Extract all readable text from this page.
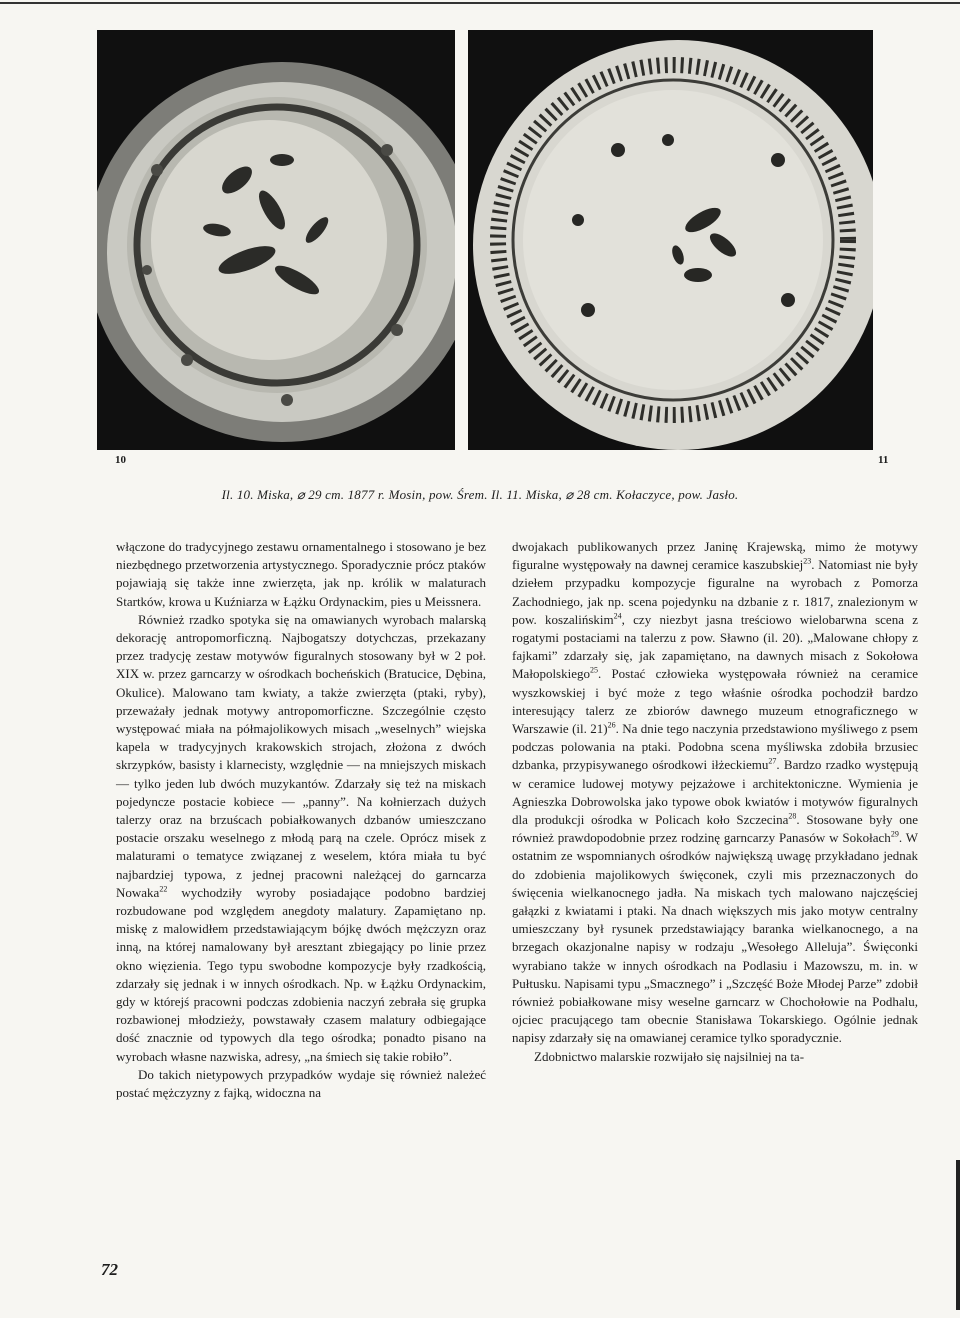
10	11
Il. 10. Miska, ⌀ 29 cm. 1877 r. Mosin, pow. Śrem. Il. 11. Miska, ⌀ 28 cm. Kołaczyce, pow. Jasło.

włączone do tradycyjnego zestawu ornamentalnego i stosowano je bez niezbędnego przetworzenia artystycznego. Sporadycznie prócz ptaków pojawiają się także inne zwierzęta, jak np. królik w malaturach Startków, krowa u Kuźniarza w Łążku Ordynackim, pies u Meissnera.

Również rzadko spotyka się na omawianych wyrobach malarską dekorację antropomorficzną. Najbogatszy dotychczas, przekazany przez tradycję zestaw motywów figuralnych stosowany był w 2 poł. XIX w. przez garncarzy w ośrodkach bocheńskich (Bratucice, Dębina, Okulice). Malowano tam kwiaty, a także zwierzęta (ptaki, ryby), przeważały jednak motywy antropomorficzne. Szczególnie często występować miała na półmajolikowych misach „weselnych” wiejska kapela w tradycyjnych krakowskich strojach, złożona z dwóch skrzypków, basisty i klarnecisty, względnie — na mniejszych miskach — tylko jeden lub dwóch muzykantów. Zdarzały się też na miskach pojedyncze postacie kobiece — „panny”. Na kołnierzach dużych talerzy oraz na brzuścach pobiałkowanych dzbanów umieszczano postacie orszaku weselnego z młodą parą na czele. Oprócz misek z malaturami o tematyce związanej z weselem, która miała tu być najbardziej typowa, z jednej pracowni należącej do garncarza Nowaka$^{22}$ wychodziły wyroby posiadające podobno bardziej rozbudowane pod względem anegdoty malatury. Zapamiętano np. miskę z malowidłem przedstawiającym bójkę dwóch mężczyzn oraz inną, na której namalowany był aresztant zbiegający po linie przez okno więzienia. Tego typu swobodne kompozycje były rzadkością, zdarzały się jednak i w innych ośrodkach. Np. w Łążku Ordynackim, gdy w którejś pracowni podczas zdobienia naczyń zebrała się grupka rozbawionej młodzieży, powstawały czasem malatury odbiegające dość znacznie od typowych dla tego ośrodka; ponadto pisano na wyrobach własne nazwiska, adresy, „na śmiech się takie robiło”.

Do takich nietypowych przypadków wydaje się również należeć postać mężczyzny z fajką, widoczna na

dwojakach publikowanych przez Janinę Krajewską, mimo że motywy figuralne występowały na dawnej ceramice kaszubskiej$^{23}$. Natomiast nie były dziełem przypadku kompozycje figuralne na wyrobach z Pomorza Zachodniego, jak np. scena pojedynku na dzbanie z r. 1817, znalezionym w pow. koszalińskim$^{24}$, czy niezbyt jasna treściowo wielobarwna scena z rogatymi postaciami na talerzu z pow. Sławno (il. 20). „Malowane chłopy z fajkami” zdarzały się, jak zapamiętano, na dawnych misach z Sokołowa Małopolskiego$^{25}$. Postać człowieka występowała również na ceramice wyszkowskiej i być może z tego właśnie ośrodka pochodził bardzo interesujący talerz ze zbiorów dawnego muzeum etnograficznego w Warszawie (il. 21)$^{26}$. Na dnie tego naczynia przedstawiono myśliwego z psem podczas polowania na ptaki. Podobna scena myśliwska zdobiła brzusiec dzbanka, przypisywanego ośrodkowi iłżeckiemu$^{27}$. Bardzo rzadko występują w ceramice ludowej motywy pejzażowe i architektoniczne. Wymienia je Agnieszka Dobrowolska jako typowe obok kwiatów i motywów figuralnych dla produkcji ośrodka w Policach koło Szczecina$^{28}$. Stosowane były one również prawdopodobnie przez rodzinę garncarzy Panasów w Sokołach$^{29}$. W ostatnim ze wspomnianych ośrodków największą uwagę przykładano jednak do zdobienia majolikowych święconek, czyli mis przeznaczonych do święcenia wielkanocnego jadła. Na miskach tych malowano najczęściej gałązki z kwiatami i ptaki. Na dnach większych mis jako motyw centralny umieszczany był rysunek przedstawiający baranka wielkanocnego, a na brzegach okazjonalne napisy w rodzaju „Wesołego Alleluja”. Święconki wyrabiano także w innych ośrodkach na Podlasiu i Mazowszu, m. in. w Pułtusku. Napisami typu „Smacznego” i „Szczęść Boże Młodej Parze” zdobił również pobiałkowane misy weselne garncarz w Chochołowie na Podhalu, ojciec pracującego tam obecnie Stanisława Tokarskiego. Ogólnie jednak napisy zdarzały się na omawianej ceramice tylko sporadycznie.

Zdobnictwo malarskie rozwijało się najsilniej na ta-

72
